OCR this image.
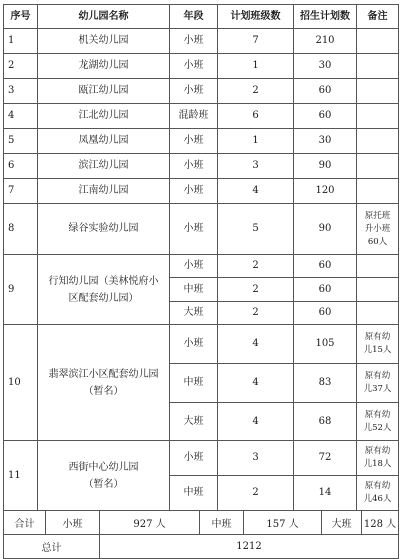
序号	幼儿园名称	年段	计划班级数	招生计划数	备注
1	机关幼儿园	小班	7	210	
2	龙湖幼儿园	小班	1	30	
3	瓯江幼儿园	小班	2	60	
4	江北幼儿园	混龄班	6	60	
5	凤凰幼儿园	小班	1	30	
6	滨江幼儿园	小班	3	90	
7	江南幼儿园	小班	4	120	
8	绿谷实验幼儿园	小班	5	90	原托班升小班60人
9	行知幼儿园（美林悦府小区配套幼儿园）	小班	2	60	
		中班	2	60	
		大班	2	60	
10	翡翠滨江小区配套幼儿园（暂名）	小班	4	105	原有幼儿15人
		中班	4	83	原有幼儿37人
		大班	4	68	原有幼儿52人
11	西街中心幼儿园（暂名）	小班	3	72	原有幼儿18人
		中班	2	14	原有幼儿46人
合计	小班	927 人	中班	157 人	大班	128 人
总计	1212
